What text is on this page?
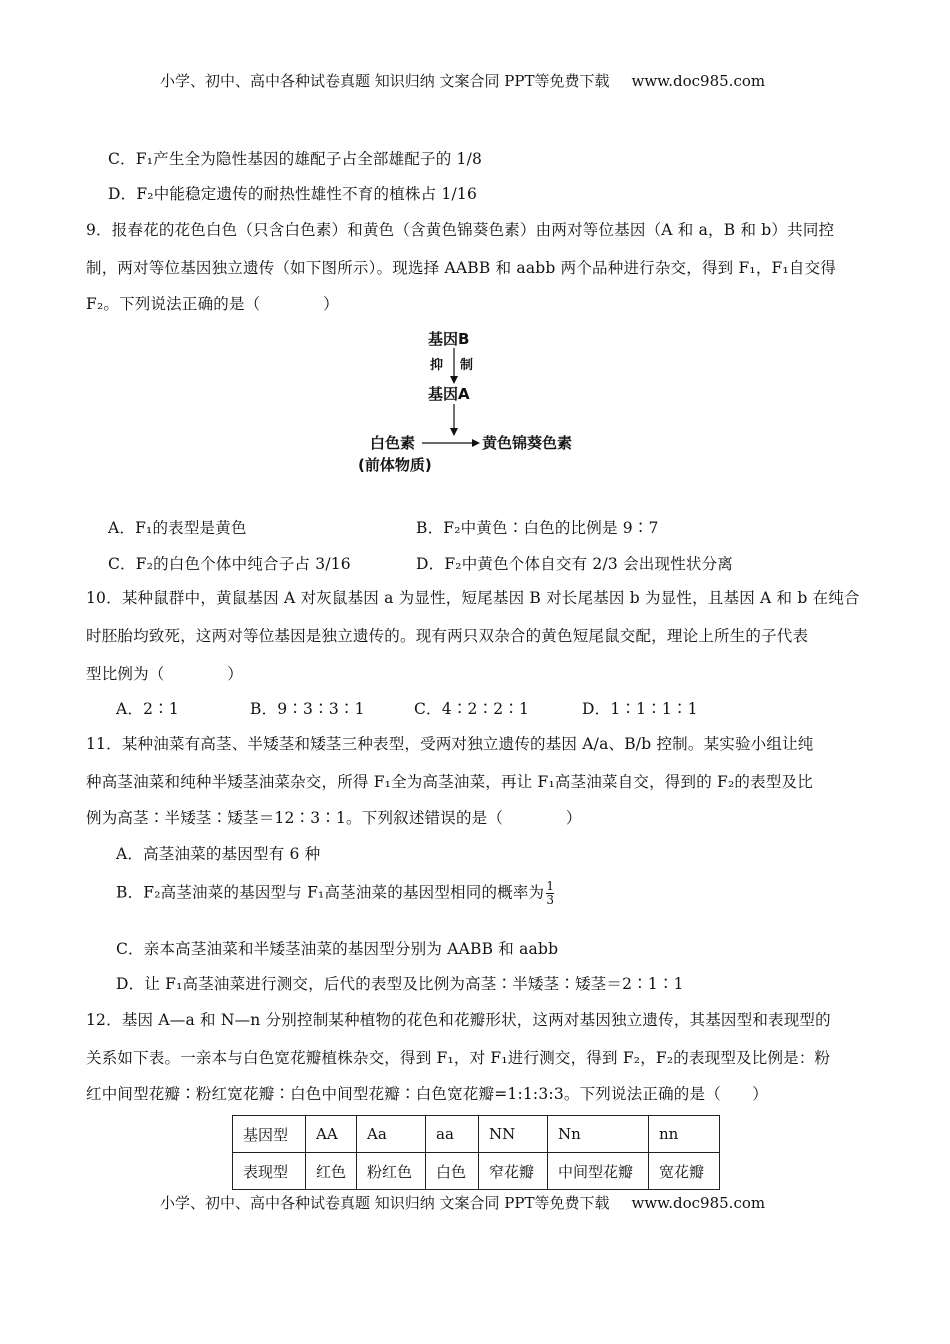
小学、初中、高中各种试卷真题 知识归纳 文案合同 PPT等免费下载 www.doc985.com
C．F₁产生全为隐性基因的雄配子占全部雄配子的 1/8
D．F₂中能稳定遗传的耐热性雄性不育的植株占 1/16
9．报春花的花色白色（只含白色素）和黄色（含黄色锦葵色素）由两对等位基因（A 和 a，B 和 b）共同控
制，两对等位基因独立遗传（如下图所示）。现选择 AABB 和 aabb 两个品种进行杂交，得到 F₁，F₁自交得
F₂。下列说法正确的是（　　　　）
基因B
抑 制
基因A
白色素	黄色锦葵色素
(前体物质)
A．F₁的表型是黄色	B．F₂中黄色∶白色的比例是 9∶7
C．F₂的白色个体中纯合子占 3/16	D．F₂中黄色个体自交有 2/3 会出现性状分离
10．某种鼠群中，黄鼠基因 A 对灰鼠基因 a 为显性，短尾基因 B 对长尾基因 b 为显性，且基因 A 和 b 在纯合
时胚胎均致死，这两对等位基因是独立遗传的。现有两只双杂合的黄色短尾鼠交配，理论上所生的子代表
型比例为（　　　　）
A．2∶1	B．9∶3∶3∶1	C．4∶2∶2∶1	D．1∶1∶1∶1
11．某种油菜有高茎、半矮茎和矮茎三种表型，受两对独立遗传的基因 A/a、B/b 控制。某实验小组让纯
种高茎油菜和纯种半矮茎油菜杂交，所得 F₁全为高茎油菜，再让 F₁高茎油菜自交，得到的 F₂的表型及比
例为高茎∶半矮茎∶矮茎＝12∶3∶1。下列叙述错误的是（　　　　）
A．高茎油菜的基因型有 6 种
B．F₂高茎油菜的基因型与 F₁高茎油菜的基因型相同的概率为 $\frac{1}{3}$
C．亲本高茎油菜和半矮茎油菜的基因型分别为 AABB 和 aabb
D．让 F₁高茎油菜进行测交，后代的表型及比例为高茎∶半矮茎∶矮茎＝2∶1∶1
12．基因 A—a 和 N—n 分别控制某种植物的花色和花瓣形状，这两对基因独立遗传，其基因型和表现型的
关系如下表。一亲本与白色宽花瓣植株杂交，得到 F₁，对 F₁进行测交，得到 F₂，F₂的表现型及比例是：粉
红中间型花瓣∶粉红宽花瓣∶白色中间型花瓣∶白色宽花瓣=1:1:3:3。下列说法正确的是（　　）
基因型	AA	Aa	aa	NN	Nn	nn
表现型	红色	粉红色	白色	窄花瓣	中间型花瓣	宽花瓣
小学、初中、高中各种试卷真题 知识归纳 文案合同 PPT等免费下载 www.doc985.com
